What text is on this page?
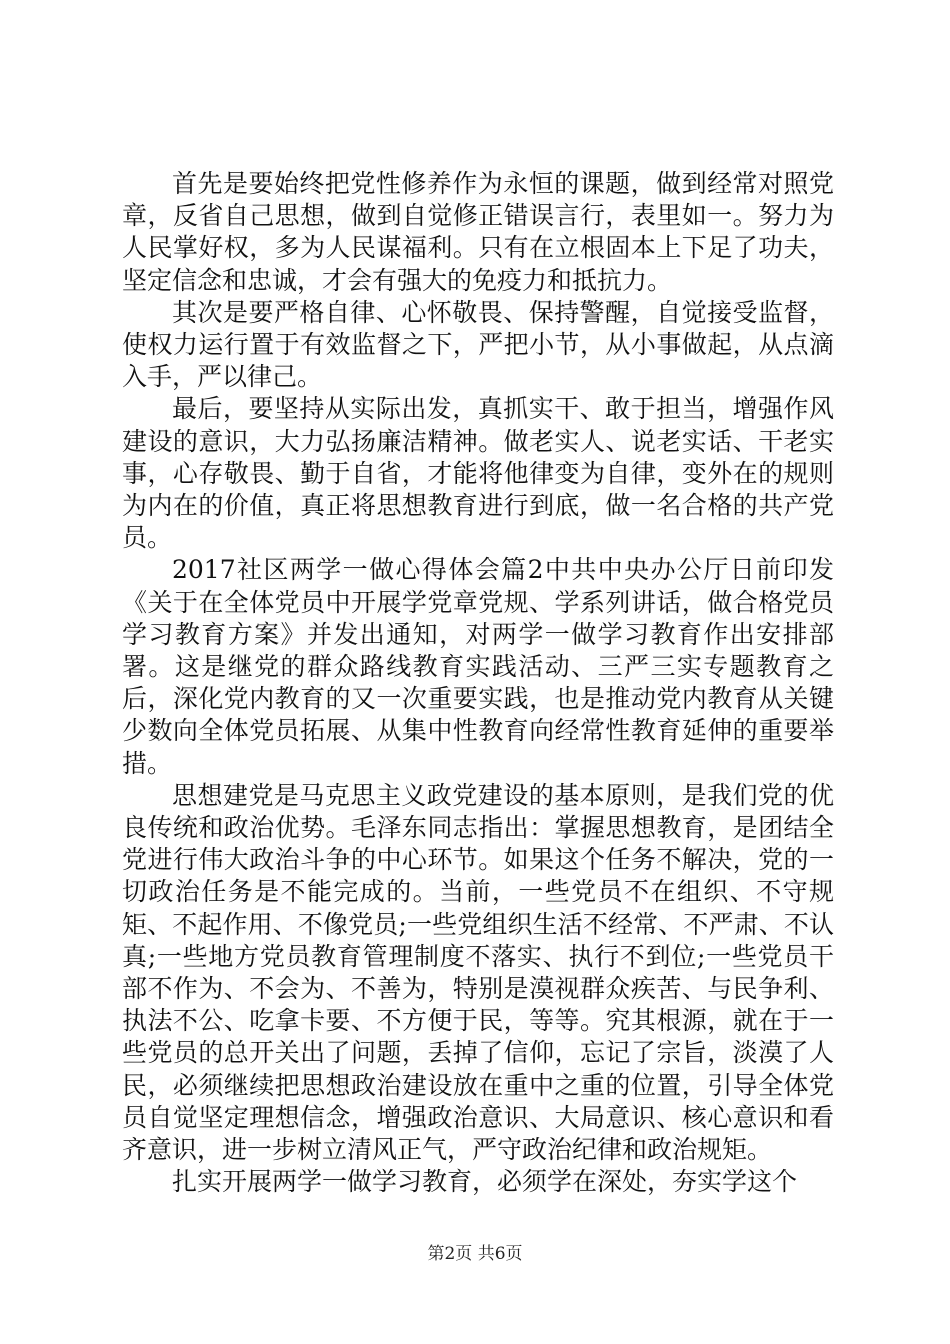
首先是要始终把党性修养作为永恒的课题，做到经常对照党章，反省自己思想，做到自觉修正错误言行，表里如一。努力为人民掌好权，多为人民谋福利。只有在立根固本上下足了功夫，坚定信念和忠诚，才会有强大的免疫力和抵抗力。

其次是要严格自律、心怀敬畏、保持警醒，自觉接受监督，使权力运行置于有效监督之下，严把小节，从小事做起，从点滴入手，严以律己。

最后，要坚持从实际出发，真抓实干、敢于担当，增强作风建设的意识，大力弘扬廉洁精神。做老实人、说老实话、干老实事，心存敬畏、勤于自省，才能将他律变为自律，变外在的规则为内在的价值，真正将思想教育进行到底，做一名合格的共产党员。

2017社区两学一做心得体会篇2中共中央办公厅日前印发《关于在全体党员中开展学党章党规、学系列讲话，做合格党员学习教育方案》并发出通知，对两学一做学习教育作出安排部署。这是继党的群众路线教育实践活动、三严三实专题教育之后，深化党内教育的又一次重要实践，也是推动党内教育从关键少数向全体党员拓展、从集中性教育向经常性教育延伸的重要举措。

思想建党是马克思主义政党建设的基本原则，是我们党的优良传统和政治优势。毛泽东同志指出：掌握思想教育，是团结全党进行伟大政治斗争的中心环节。如果这个任务不解决，党的一切政治任务是不能完成的。当前，一些党员不在组织、不守规矩、不起作用、不像党员;一些党组织生活不经常、不严肃、不认真;一些地方党员教育管理制度不落实、执行不到位;一些党员干部不作为、不会为、不善为，特别是漠视群众疾苦、与民争利、执法不公、吃拿卡要、不方便于民，等等。究其根源，就在于一些党员的总开关出了问题，丢掉了信仰，忘记了宗旨，淡漠了人民，必须继续把思想政治建设放在重中之重的位置，引导全体党员自觉坚定理想信念，增强政治意识、大局意识、核心意识和看齐意识，进一步树立清风正气，严守政治纪律和政治规矩。

扎实开展两学一做学习教育，必须学在深处，夯实学这个

第2页 共6页
